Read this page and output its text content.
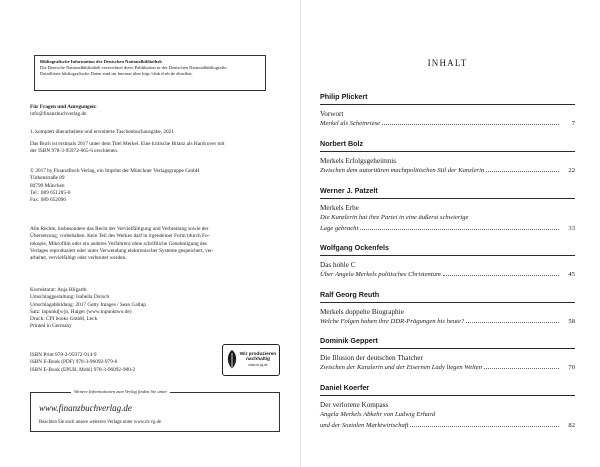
Bibliografische Information der Deutschen Nationalbibliothek
Die Deutsche Nationalbibliothek verzeichnet diese Publikation in der Deutschen Nationalbibliografie.
Detaillierte bibliografische Daten sind im Internet über http://dnb.d-nb.de abrufbar.

Für Fragen und Anregungen:

info@finanzbuchverlag.de

1. komplett überarbeitete und erweiterte Taschenbuchausgabe, 2021

Das Buch ist erstmals 2017 unter dem Titel Merkel. Eine kritische Bilanz als Hardcover mit

der ISBN 978-3-95972-065-6 erschienen.

© 2017 by FinanzBuch Verlag, ein Imprint der Münchner Verlagsgruppe GmbH

Türkenstraße 89

80799 München

Tel.: 089 651285-0

Fax: 089 652096

Alle Rechte, insbesondere das Recht der Vervielfältigung und Verbreitung sowie der

Übersetzung, vorbehalten. Kein Teil des Werkes darf in irgendeiner Form (durch Fo-

tokopie, Mikrofilm oder ein anderes Verfahren) ohne schriftliche Genehmigung des

Verlages reproduziert oder unter Verwendung elektronischer Systeme gespeichert, ver-

arbeitet, vervielfältigt oder verbreitet werden.

Korrektorat: Anja Hilgarth

Umschlaggestaltung: Isabella Dorsch

Umschlagabbildung: 2017 Getty Images / Sean Gallup

Satz: inpunkt[w]o, Haiger (www.inpunktwo.de)

Druck: CPI books GmbH, Leck

Printed in Germany

ISBN Print 978-3-95972-914-9

ISBN E-Book (PDF) 978-3-96092-979-6

ISBN E-Book (EPUB, Mobi) 978-3-96092-980-2

Wir produzieren
nachhaltig
www.m-vg.de
Weitere Informationen zum Verlag finden Sie unter
www.finanzbuchverlag.de
Beachten Sie auch unsere weiteren Verlage unter www.m-vg.de
INHALT
Philip Plickert
Vorwort
Merkel als Scheinriese	7
Norbert Bolz
Merkels Erfolgsgeheimnis
Zwischen dem autoritären machtpolitischen Stil der Kanzlerin	22
Werner J. Patzelt
Merkels Erbe
Die Kanzlerin hat ihre Partei in eine äußerst schwierige
Lage gebracht	33
Wolfgang Ockenfels
Das hohle C
Über Angela Merkels politisches Christentum	45
Ralf Georg Reuth
Merkels doppelte Biographie
Welche Folgen haben ihre DDR-Prägungen bis heute?	58
Dominik Geppert
Die Illusion der deutschen Thatcher
Zwischen der Kanzlerin und der Eisernen Lady liegen Welten	70
Daniel Koerfer
Der verlorene Kompass
Angela Merkels Abkehr von Ludwig Erhard
und der Sozialen Marktwirtschaft	82
